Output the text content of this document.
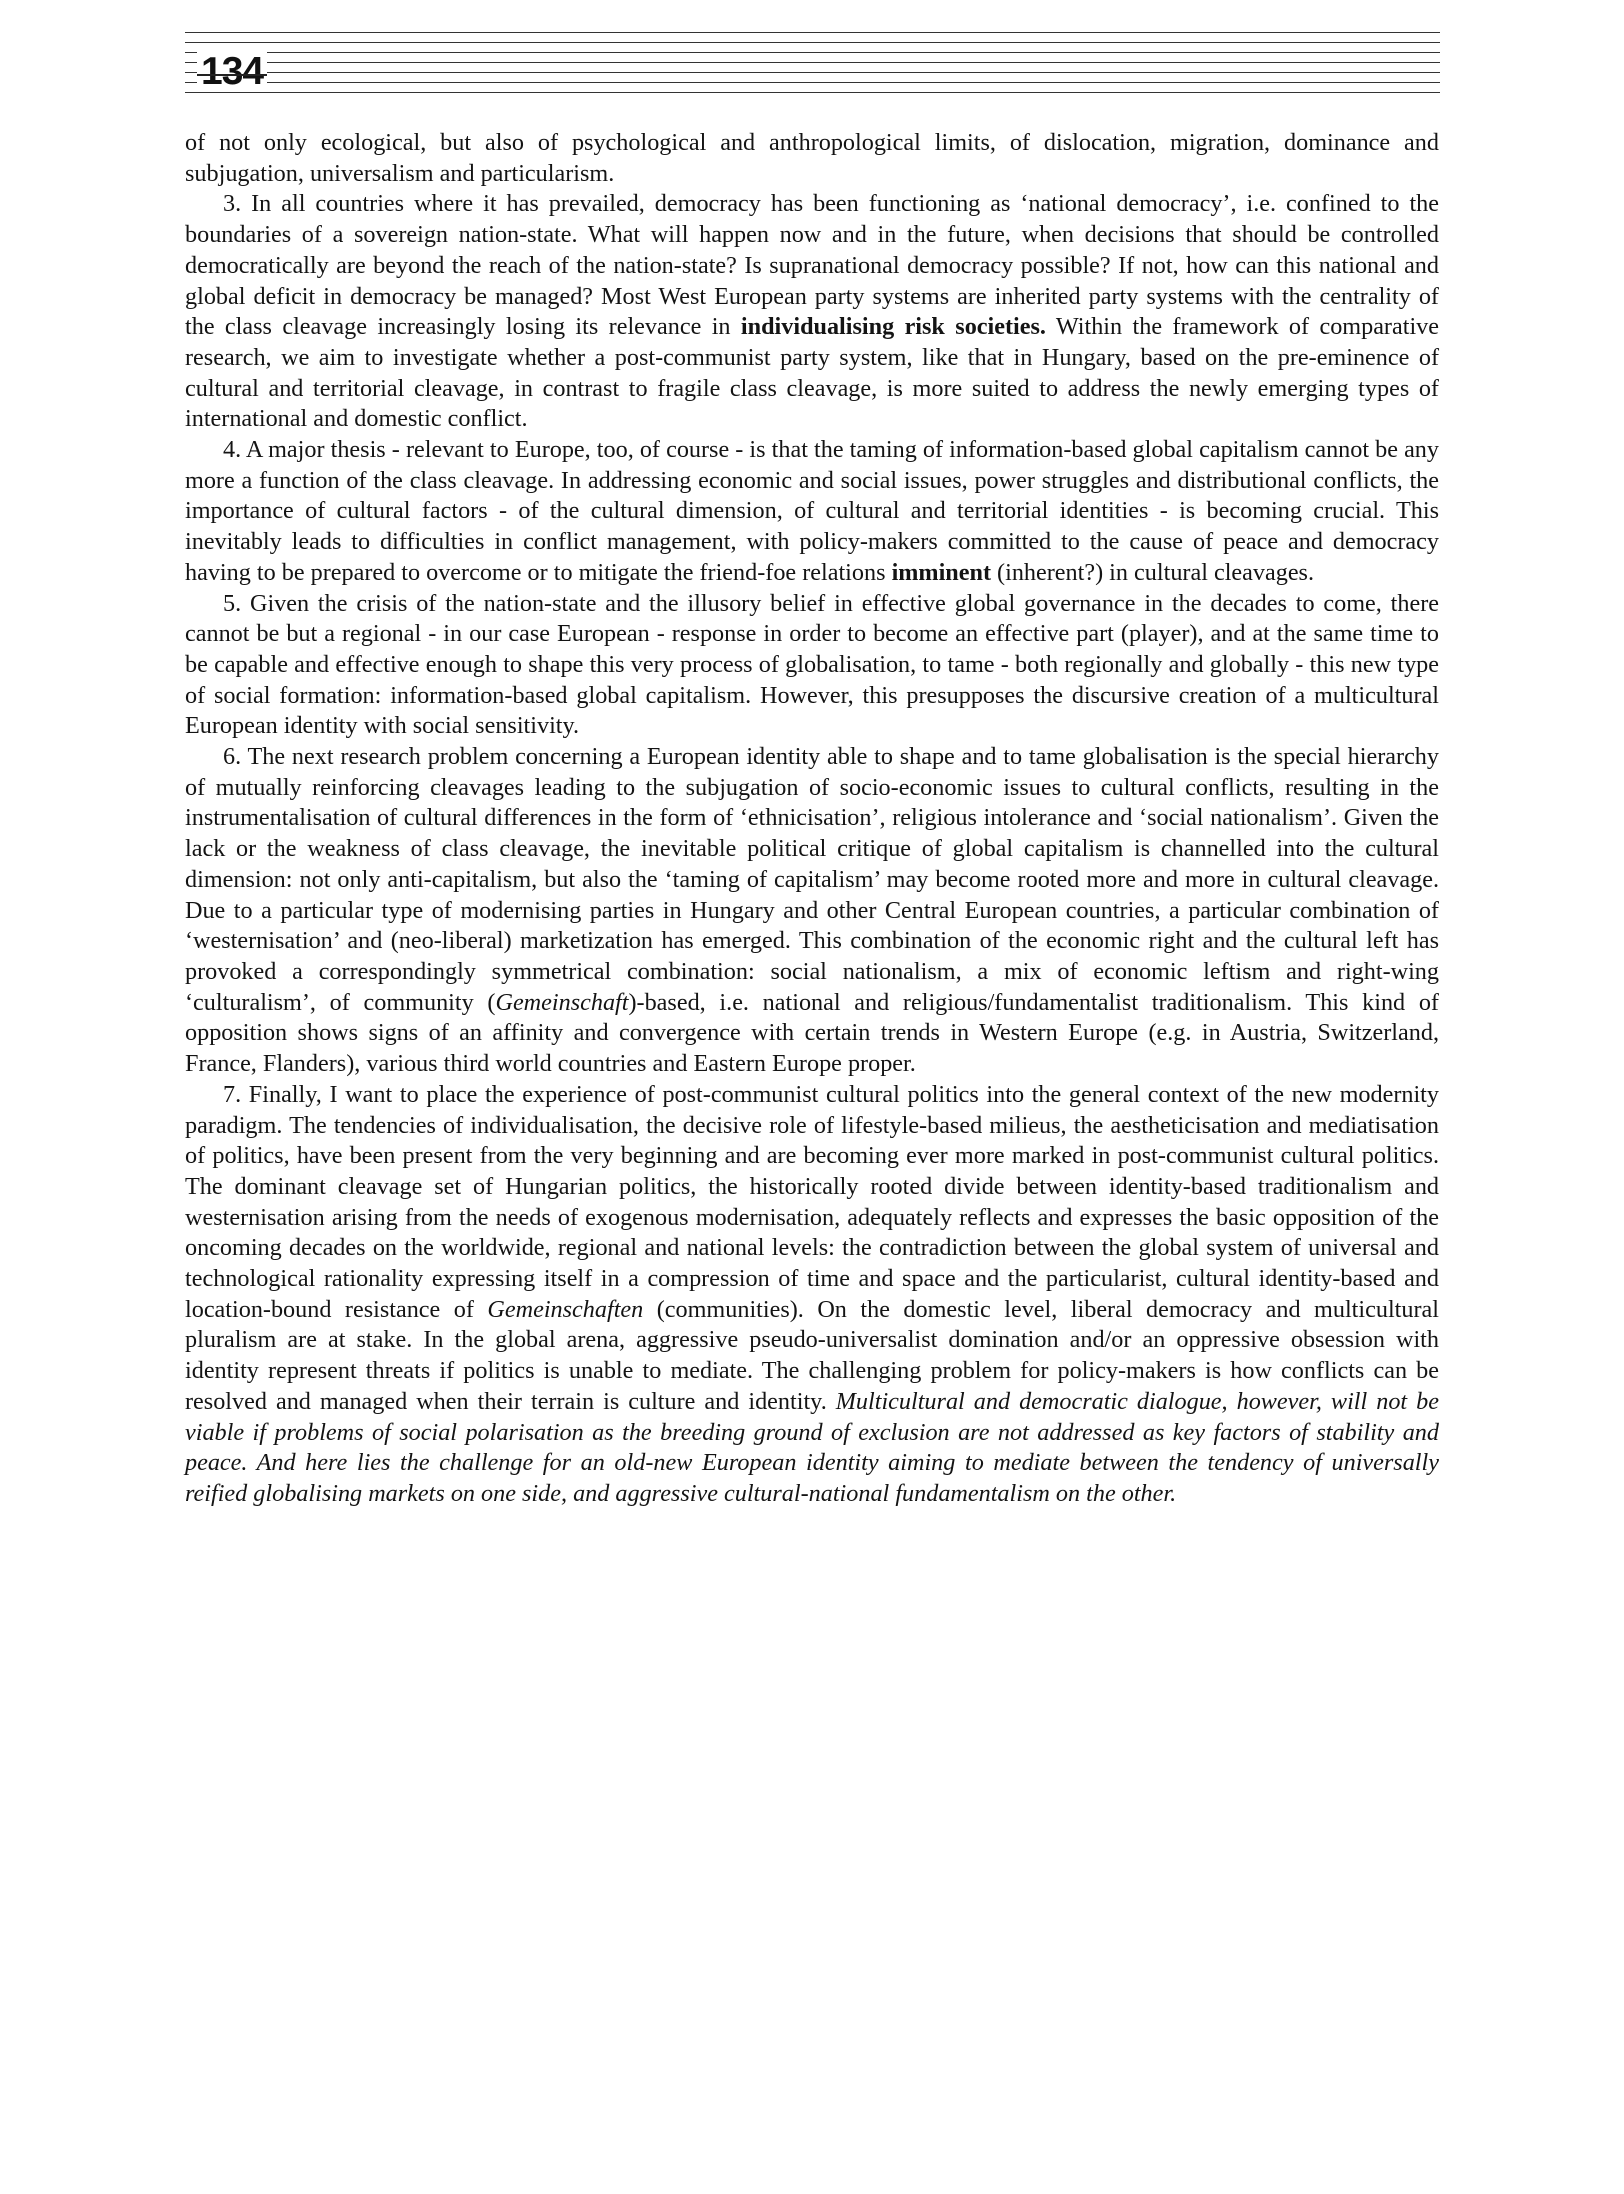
134

of not only ecological, but also of psychological and anthropological limits, of dislocation, migration, dominance and subjugation, universalism and particularism.

3. In all countries where it has prevailed, democracy has been functioning as ‘national democracy’, i.e. confined to the boundaries of a sovereign nation-state. What will happen now and in the future, when decisions that should be controlled democratically are beyond the reach of the nation-state? Is supranational democracy possible? If not, how can this national and global deficit in democracy be managed? Most West European party systems are inherited party systems with the centrality of the class cleavage increasingly losing its relevance in individualising risk societies. Within the framework of comparative research, we aim to investigate whether a post-communist party system, like that in Hungary, based on the pre-eminence of cultural and territorial cleavage, in contrast to fragile class cleavage, is more suited to address the newly emerging types of international and domestic conflict.

4. A major thesis - relevant to Europe, too, of course - is that the taming of information-based global capitalism cannot be any more a function of the class cleavage. In addressing economic and social issues, power struggles and distributional conflicts, the importance of cultural factors - of the cultural dimension, of cultural and territorial identities - is becoming crucial. This inevitably leads to difficulties in conflict management, with policy-makers committed to the cause of peace and democracy having to be prepared to overcome or to mitigate the friend-foe relations imminent (inherent?) in cultural cleavages.

5. Given the crisis of the nation-state and the illusory belief in effective global governance in the decades to come, there cannot be but a regional - in our case European - response in order to become an effective part (player), and at the same time to be capable and effective enough to shape this very process of globalisation, to tame - both regionally and globally - this new type of social formation: information-based global capitalism. However, this presupposes the discursive creation of a multicultural European identity with social sensitivity.

6. The next research problem concerning a European identity able to shape and to tame globalisation is the special hierarchy of mutually reinforcing cleavages leading to the subjugation of socio-economic issues to cultural conflicts, resulting in the instrumentalisation of cultural differences in the form of ‘ethnicisation’, religious intolerance and ‘social nationalism’. Given the lack or the weakness of class cleavage, the inevitable political critique of global capitalism is channelled into the cultural dimension: not only anti-capitalism, but also the ‘taming of capitalism’ may become rooted more and more in cultural cleavage. Due to a particular type of modernising parties in Hungary and other Central European countries, a particular combination of ‘westernisation’ and (neo-liberal) marketization has emerged. This combination of the economic right and the cultural left has provoked a correspondingly symmetrical combination: social nationalism, a mix of economic leftism and right-wing ‘culturalism’, of community (Gemeinschaft)-based, i.e. national and religious/fundamentalist traditionalism. This kind of opposition shows signs of an affinity and convergence with certain trends in Western Europe (e.g. in Austria, Switzerland, France, Flanders), various third world countries and Eastern Europe proper.

7. Finally, I want to place the experience of post-communist cultural politics into the general context of the new modernity paradigm. The tendencies of individualisation, the decisive role of lifestyle-based milieus, the aestheticisation and mediatisation of politics, have been present from the very beginning and are becoming ever more marked in post-communist cultural politics. The dominant cleavage set of Hungarian politics, the historically rooted divide between identity-based traditionalism and westernisation arising from the needs of exogenous modernisation, adequately reflects and expresses the basic opposition of the oncoming decades on the worldwide, regional and national levels: the contradiction between the global system of universal and technological rationality expressing itself in a compression of time and space and the particularist, cultural identity-based and location-bound resistance of Gemeinschaften (communities). On the domestic level, liberal democracy and multicultural pluralism are at stake. In the global arena, aggressive pseudo-universalist domination and/or an oppressive obsession with identity represent threats if politics is unable to mediate. The challenging problem for policy-makers is how conflicts can be resolved and managed when their terrain is culture and identity. Multicultural and democratic dialogue, however, will not be viable if problems of social polarisation as the breeding ground of exclusion are not addressed as key factors of stability and peace. And here lies the challenge for an old-new European identity aiming to mediate between the tendency of universally reified globalising markets on one side, and aggressive cultural-national fundamentalism on the other.
